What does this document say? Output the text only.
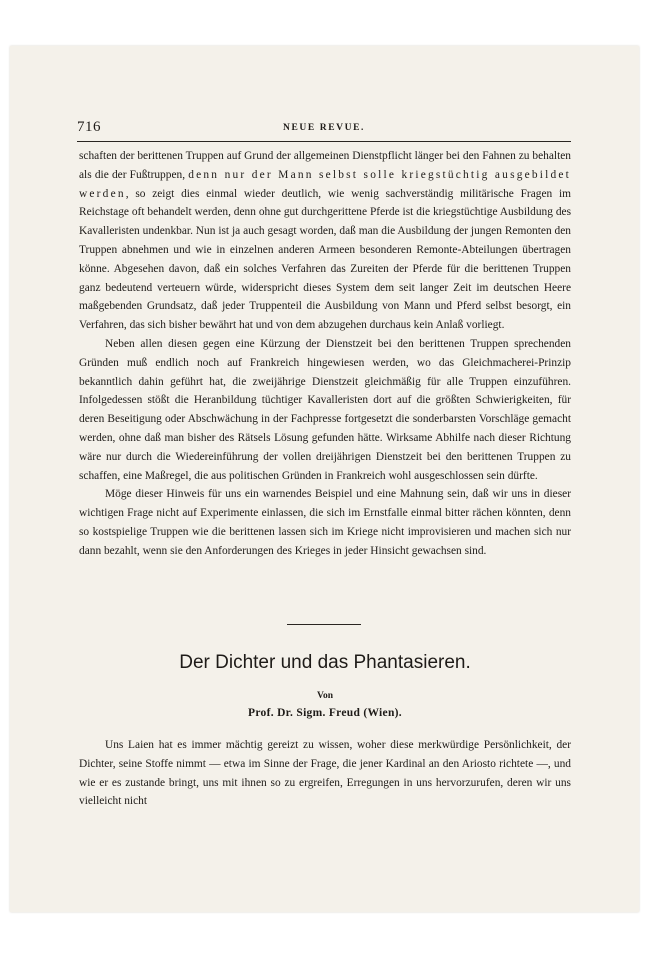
716	NEUE REVUE.

schaften der berittenen Truppen auf Grund der allgemeinen Dienstpflicht länger bei den Fahnen zu behalten als die der Fußtruppen, denn nur der Mann selbst solle kriegstüchtig ausgebildet werden, so zeigt dies einmal wieder deutlich, wie wenig sachverständig militärische Fragen im Reichstage oft behandelt werden, denn ohne gut durchgerittene Pferde ist die kriegstüchtige Ausbildung des Kavalleristen undenkbar. Nun ist ja auch gesagt worden, daß man die Ausbildung der jungen Remonten den Truppen abnehmen und wie in einzelnen anderen Armeen besonderen Remonte-Abteilungen übertragen könne. Abgesehen davon, daß ein solches Verfahren das Zureiten der Pferde für die berittenen Truppen ganz bedeutend verteuern würde, widerspricht dieses System dem seit langer Zeit im deutschen Heere maßgebenden Grundsatz, daß jeder Truppenteil die Ausbildung von Mann und Pferd selbst besorgt, ein Verfahren, das sich bisher bewährt hat und von dem abzugehen durchaus kein Anlaß vorliegt.

Neben allen diesen gegen eine Kürzung der Dienstzeit bei den berittenen Truppen sprechenden Gründen muß endlich noch auf Frankreich hingewiesen werden, wo das Gleichmacherei-Prinzip bekanntlich dahin geführt hat, die zweijährige Dienstzeit gleichmäßig für alle Truppen einzuführen. Infolgedessen stößt die Heranbildung tüchtiger Kavalleristen dort auf die größten Schwierigkeiten, für deren Beseitigung oder Abschwächung in der Fachpresse fortgesetzt die sonderbarsten Vorschläge gemacht werden, ohne daß man bisher des Rätsels Lösung gefunden hätte. Wirksame Abhilfe nach dieser Richtung wäre nur durch die Wiedereinführung der vollen dreijährigen Dienstzeit bei den berittenen Truppen zu schaffen, eine Maßregel, die aus politischen Gründen in Frankreich wohl ausgeschlossen sein dürfte.

Möge dieser Hinweis für uns ein warnendes Beispiel und eine Mahnung sein, daß wir uns in dieser wichtigen Frage nicht auf Experimente einlassen, die sich im Ernstfalle einmal bitter rächen könnten, denn so kostspielige Truppen wie die berittenen lassen sich im Kriege nicht improvisieren und machen sich nur dann bezahlt, wenn sie den Anforderungen des Krieges in jeder Hinsicht gewachsen sind.

Der Dichter und das Phantasieren.
Von
Prof. Dr. Sigm. Freud (Wien).

Uns Laien hat es immer mächtig gereizt zu wissen, woher diese merkwürdige Persönlichkeit, der Dichter, seine Stoffe nimmt — etwa im Sinne der Frage, die jener Kardinal an den Ariosto richtete —, und wie er es zustande bringt, uns mit ihnen so zu ergreifen, Erregungen in uns hervorzurufen, deren wir uns vielleicht nicht
